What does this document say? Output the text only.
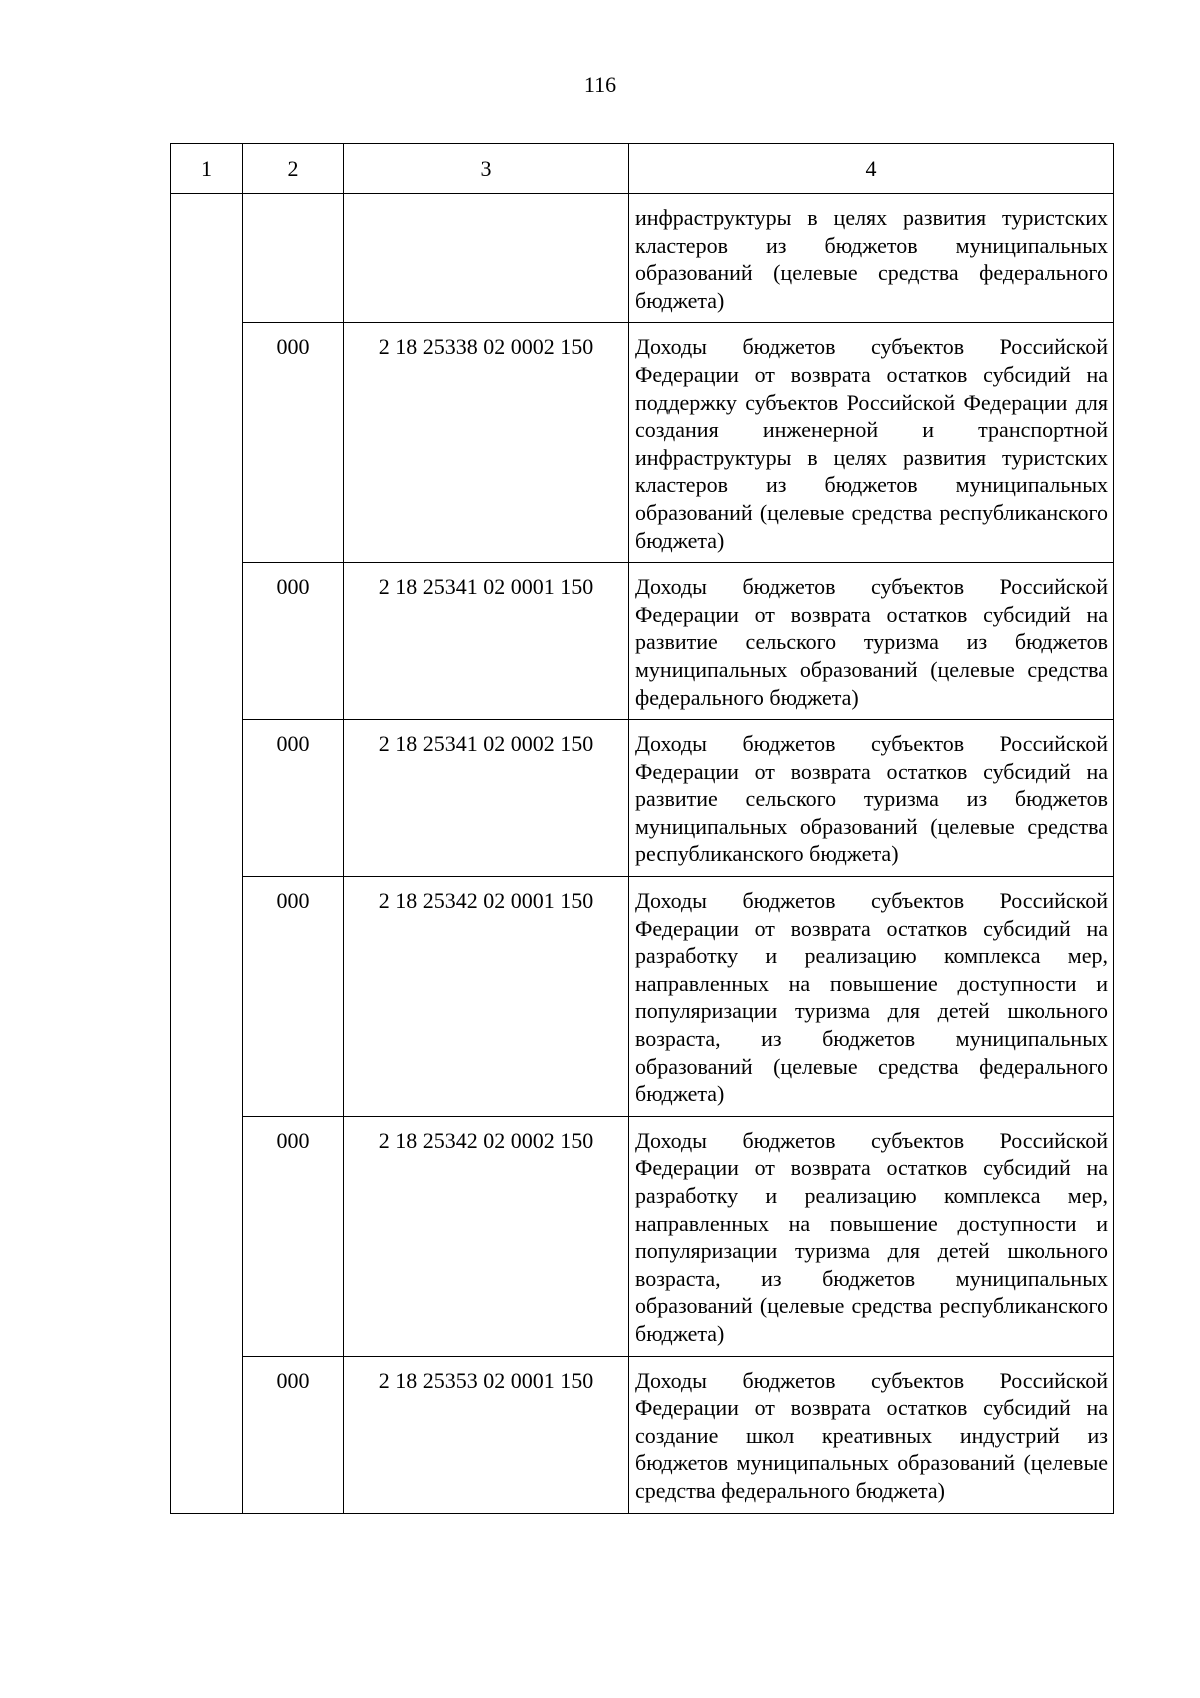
116
1	2	3	4
			инфраструктуры в целях развития туристских кластеров из бюджетов муниципальных образований (целевые средства федерального бюджета)
	000	2 18 25338 02 0002 150	Доходы бюджетов субъектов Российской Федерации от возврата остатков субсидий на поддержку субъектов Российской Федерации для создания инженерной и транспортной инфраструктуры в целях развития туристских кластеров из бюджетов муниципальных образований (целевые средства республиканского бюджета)
	000	2 18 25341 02 0001 150	Доходы бюджетов субъектов Российской Федерации от возврата остатков субсидий на развитие сельского туризма из бюджетов муниципальных образований (целевые средства федерального бюджета)
	000	2 18 25341 02 0002 150	Доходы бюджетов субъектов Российской Федерации от возврата остатков субсидий на развитие сельского туризма из бюджетов муниципальных образований (целевые средства республиканского бюджета)
	000	2 18 25342 02 0001 150	Доходы бюджетов субъектов Российской Федерации от возврата остатков субсидий на разработку и реализацию комплекса мер, направленных на повышение доступности и популяризации туризма для детей школьного возраста, из бюджетов муниципальных образований (целевые средства федерального бюджета)
	000	2 18 25342 02 0002 150	Доходы бюджетов субъектов Российской Федерации от возврата остатков субсидий на разработку и реализацию комплекса мер, направленных на повышение доступности и популяризации туризма для детей школьного возраста, из бюджетов муниципальных образований (целевые средства республиканского бюджета)
	000	2 18 25353 02 0001 150	Доходы бюджетов субъектов Российской Федерации от возврата остатков субсидий на создание школ креативных индустрий из бюджетов муниципальных образований (целевые средства федерального бюджета)
